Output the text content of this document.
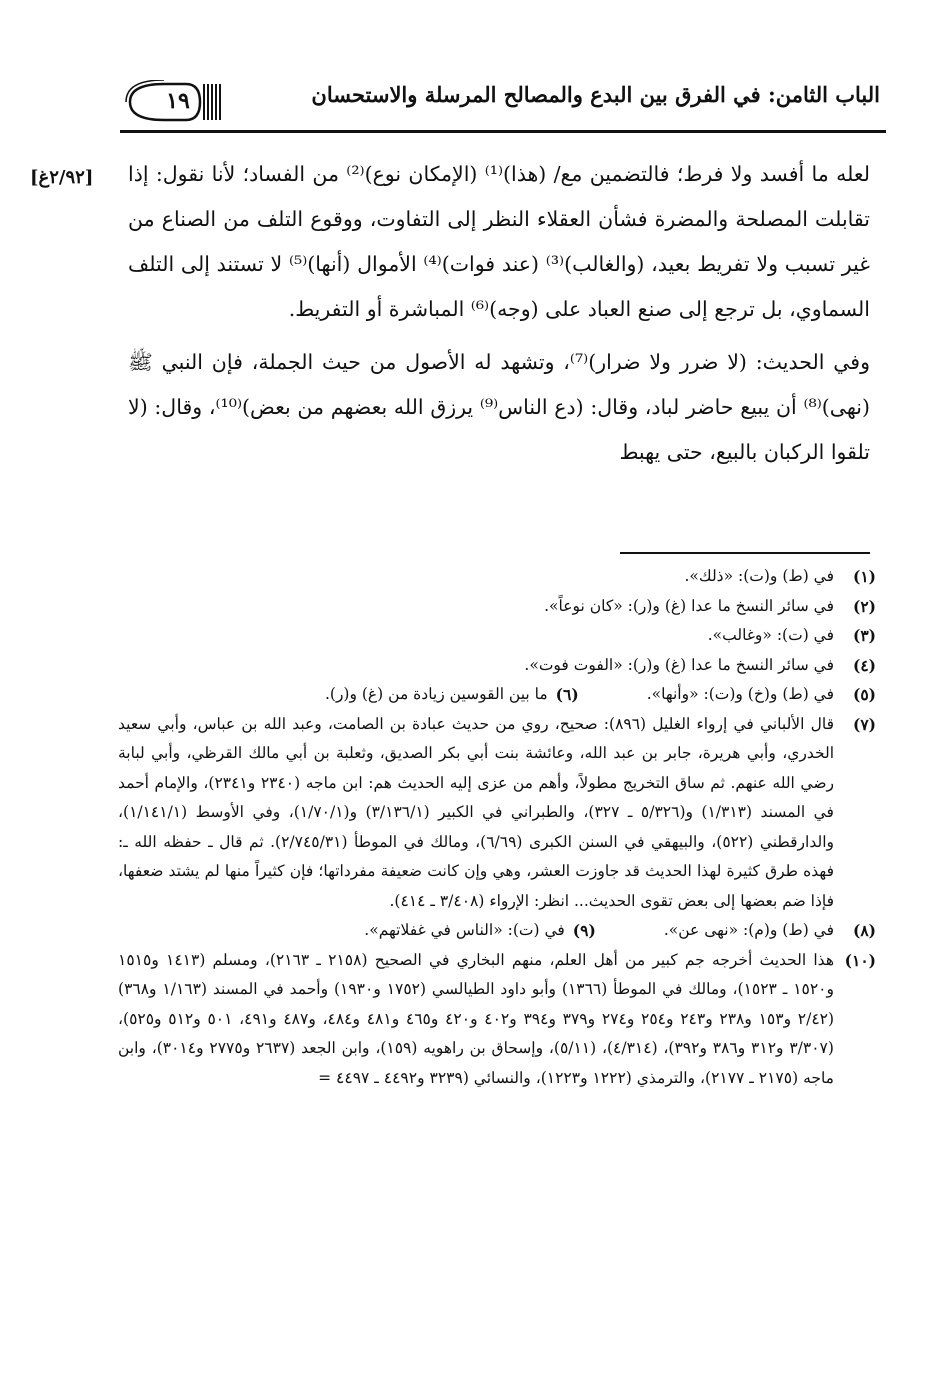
١٩	الباب الثامن: في الفرق بين البدع والمصالح المرسلة والاستحسان
[٢/٩٢غ] لعله ما أفسد ولا فرط؛ فالتضمين مع/ (هذا)⁽¹⁾ (الإمكان نوع)⁽²⁾ من الفساد؛ لأنا نقول: إذا تقابلت المصلحة والمضرة فشأن العقلاء النظر إلى التفاوت، ووقوع التلف من الصناع من غير تسبب ولا تفريط بعيد، (والغالب)⁽³⁾ (عند فوات)⁽⁴⁾ الأموال (أنها)⁽⁵⁾ لا تستند إلى التلف السماوي، بل ترجع إلى صنع العباد على (وجه)⁽⁶⁾ المباشرة أو التفريط.

وفي الحديث: (لا ضرر ولا ضرار)⁽⁷⁾، وتشهد له الأصول من حيث الجملة، فإن النبي ﷺ (نهى)⁽⁸⁾ أن يبيع حاضر لباد، وقال: (دع الناس⁽⁹⁾ يرزق الله بعضهم من بعض)⁽¹⁰⁾، وقال: (لا تلقوا الركبان بالبيع، حتى يهبط

(١)
في (ط) و(ت): «ذلك».
(٢)
في سائر النسخ ما عدا (غ) و(ر): «كان نوعاً».
(٣)
في (ت): «وغالب».
(٤)
في سائر النسخ ما عدا (غ) و(ر): «الفوت فوت».
(٥)
في (ط) و(خ) و(ت): «وأنها».
(٦)
ما بين القوسين زيادة من (غ) و(ر).
(٧)
قال الألباني في إرواء الغليل (٨٩٦): صحيح، روي من حديث عبادة بن الصامت، وعبد الله بن عباس، وأبي سعيد الخدري، وأبي هريرة، جابر بن عبد الله، وعائشة بنت أبي بكر الصديق، وثعلبة بن أبي مالك القرظي، وأبي لبابة رضي الله عنهم. ثم ساق التخريج مطولاً، وأهم من عزى إليه الحديث هم: ابن ماجه (٢٣٤٠ و٢٣٤١)، والإمام أحمد في المسند (١/٣١٣) و(٥/٣٢٦ ـ ٣٢٧)، والطبراني في الكبير (٣/١٣٦/١) و(١/٧٠/١)، وفي الأوسط (١/١٤١/١)، والدارقطني (٥٢٢)، والبيهقي في السنن الكبرى (٦/٦٩)، ومالك في الموطأ (٢/٧٤٥/٣١). ثم قال ـ حفظه الله ـ: فهذه طرق كثيرة لهذا الحديث قد جاوزت العشر، وهي وإن كانت ضعيفة مفرداتها؛ فإن كثيراً منها لم يشتد ضعفها، فإذا ضم بعضها إلى بعض تقوى الحديث... انظر: الإرواء (٣/٤٠٨ ـ ٤١٤).
(٨)
في (ط) و(م): «نهى عن».
(٩)
في (ت): «الناس في غفلاتهم».
(١٠)
هذا الحديث أخرجه جم كبير من أهل العلم، منهم البخاري في الصحيح (٢١٥٨ ـ ٢١٦٣)، ومسلم (١٤١٣ و١٥١٥ و١٥٢٠ ـ ١٥٢٣)، ومالك في الموطأ (١٣٦٦) وأبو داود الطيالسي (١٧٥٢ و١٩٣٠) وأحمد في المسند (١/١٦٣ و٣٦٨) (٢/٤٢ و١٥٣ و٢٣٨ و٢٤٣ و٢٥٤ و٢٧٤ و٣٧٩ و٣٩٤ و٤٠٢ و٤٢٠ و٤٦٥ و٤٨١ و٤٨٤، و٤٨٧ و٤٩١، ٥٠١ و٥١٢ و٥٢٥)، (٣/٣٠٧ و٣١٢ و٣٨٦ و٣٩٢)، (٤/٣١٤)، (٥/١١)، وإسحاق بن راهويه (١٥٩)، وابن الجعد (٢٦٣٧ و٢٧٧٥ و٣٠١٤)، وابن ماجه (٢١٧٥ ـ ٢١٧٧)، والترمذي (١٢٢٢ و١٢٢٣)، والنسائي (٣٢٣٩ و٤٤٩٢ ـ ٤٤٩٧ =
